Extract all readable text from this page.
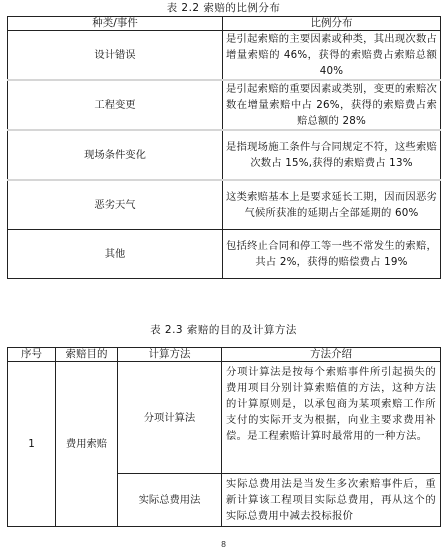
表 2.2 索赔的比例分布
种类/事件	比例分布
设计错误	是引起索赔的主要因素或种类，其出现次数占增量索赔的 46%，获得的索赔费占索赔总额 40%
工程变更	是引起索赔的重要因素或类别，变更的索赔次数在增量索赔中占 26%，获得的索赔费占索赔总额的 28%
现场条件变化	是指现场施工条件与合同规定不符，这些索赔次数占 15%,获得的索赔费占 13%
恶劣天气	这类索赔基本上是要求延长工期，因而因恶劣气候所获准的延期占全部延期的 60%
其他	包括终止合同和停工等一些不常发生的索赔，共占 2%，获得的赔偿费占 19%
表 2.3 索赔的目的及计算方法
序号	索赔目的	计算方法	方法介绍
1	费用索赔	分项计算法	分项计算法是按每个索赔事件所引起损失的费用项目分别计算索赔值的方法，这种方法的计算原则是，以承包商为某项索赔工作所支付的实际开支为根据，向业主要求费用补偿。是工程索赔计算时最常用的一种方法。
		实际总费用法	实际总费用法是当发生多次索赔事件后，重新计算该工程项目实际总费用，再从这个的实际总费用中减去投标报价
8
